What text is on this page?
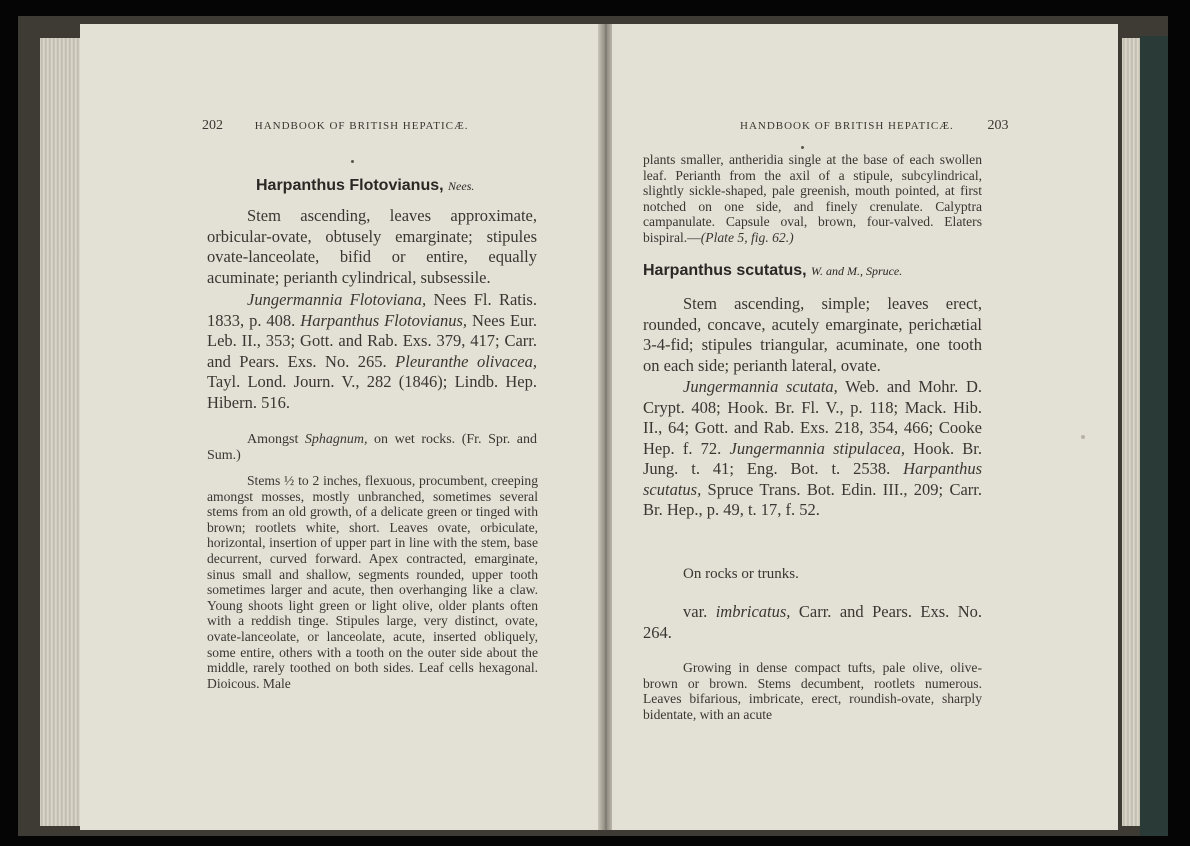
202	HANDBOOK OF BRITISH HEPATICÆ.
Harpanthus Flotovianus, Nees.

Stem ascending, leaves approximate, orbicular-ovate, obtusely emarginate; stipules ovate-lanceolate, bifid or entire, equally acuminate; perianth cylindrical, subsessile.

Jungermannia Flotoviana, Nees Fl. Ratis. 1833, p. 408. Harpanthus Flotovianus, Nees Eur. Leb. II., 353; Gott. and Rab. Exs. 379, 417; Carr. and Pears. Exs. No. 265. Pleuranthe olivacea, Tayl. Lond. Journ. V., 282 (1846); Lindb. Hep. Hibern. 516.

Amongst Sphagnum, on wet rocks. (Fr. Spr. and Sum.)

Stems ½ to 2 inches, flexuous, procumbent, creeping amongst mosses, mostly unbranched, sometimes several stems from an old growth, of a delicate green or tinged with brown; rootlets white, short. Leaves ovate, orbiculate, horizontal, insertion of upper part in line with the stem, base decurrent, curved forward. Apex contracted, emarginate, sinus small and shallow, segments rounded, upper tooth sometimes larger and acute, then overhanging like a claw. Young shoots light green or light olive, older plants often with a reddish tinge. Stipules large, very distinct, ovate, ovate-lanceolate, or lanceolate, acute, inserted obliquely, some entire, others with a tooth on the outer side about the middle, rarely toothed on both sides. Leaf cells hexagonal. Dioicous. Male

HANDBOOK OF BRITISH HEPATICÆ. 203

plants smaller, antheridia single at the base of each swollen leaf. Perianth from the axil of a stipule, subcylindrical, slightly sickle-shaped, pale greenish, mouth pointed, at first notched on one side, and finely crenulate. Calyptra campanulate. Capsule oval, brown, four-valved. Elaters bispiral.—(Plate 5, fig. 62.)

Harpanthus scutatus, W. and M., Spruce.

Stem ascending, simple; leaves erect, rounded, concave, acutely emarginate, perichætial 3-4-fid; stipules triangular, acuminate, one tooth on each side; perianth lateral, ovate.

Jungermannia scutata, Web. and Mohr. D. Crypt. 408; Hook. Br. Fl. V., p. 118; Mack. Hib. II., 64; Gott. and Rab. Exs. 218, 354, 466; Cooke Hep. f. 72. Jungermannia stipulacea, Hook. Br. Jung. t. 41; Eng. Bot. t. 2538. Harpanthus scutatus, Spruce Trans. Bot. Edin. III., 209; Carr. Br. Hep., p. 49, t. 17, f. 52.

On rocks or trunks.

var. imbricatus, Carr. and Pears. Exs. No. 264.

Growing in dense compact tufts, pale olive, olive-brown or brown. Stems decumbent, rootlets numerous. Leaves bifarious, imbricate, erect, roundish-ovate, sharply bidentate, with an acute
